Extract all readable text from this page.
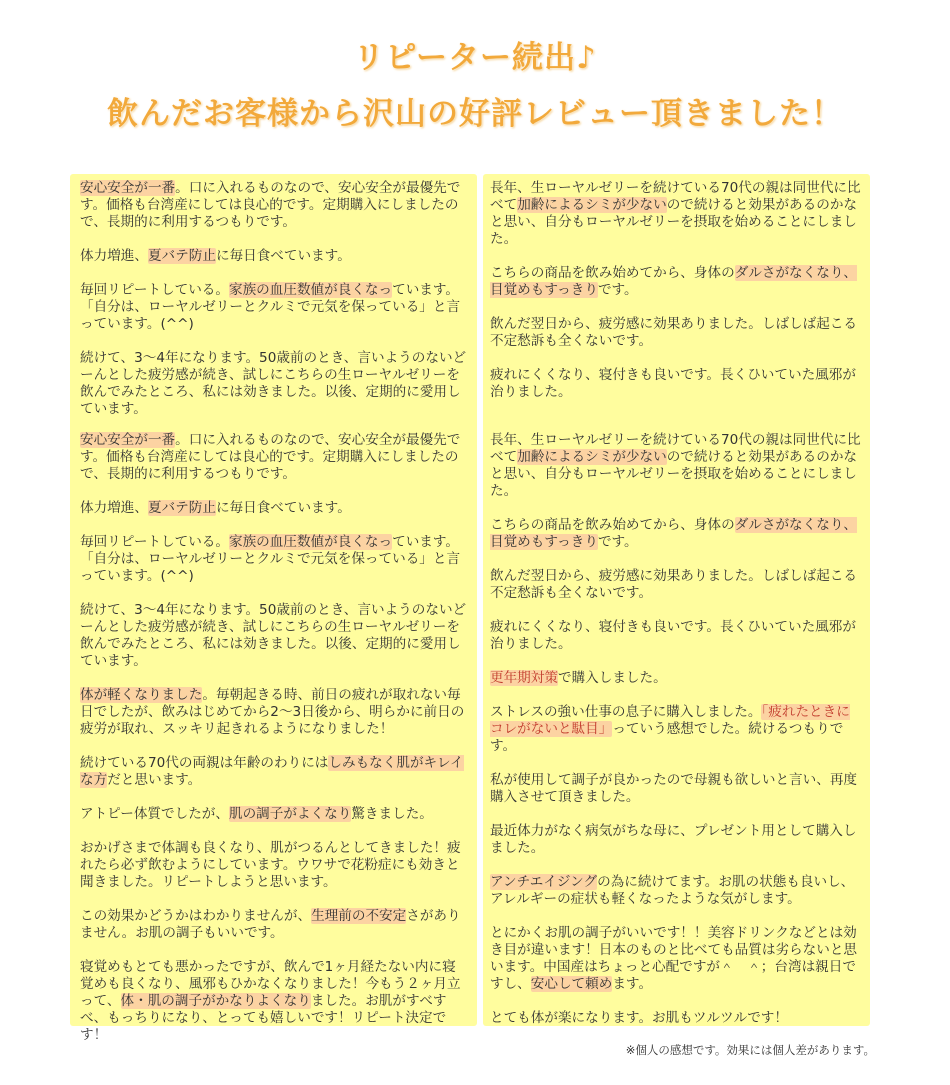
リピーター続出♪
飲んだお客様から沢山の好評レビュー頂きました！

安心安全が一番。口に入れるものなので、安心安全が最優先です。価格も台湾産にしては良心的です。定期購入にしましたので、長期的に利用するつもりです。

体力増進、夏バテ防止に毎日食べています。

毎回リピートしている。家族の血圧数値が良くなっています。「自分は、ローヤルゼリーとクルミで元気を保っている」と言っています。(^^)

続けて、3〜4年になります。50歳前のとき、言いようのないどーんとした疲労感が続き、試しにこちらの生ローヤルゼリーを飲んでみたところ、私には効きました。以後、定期的に愛用しています。

安心安全が一番。口に入れるものなので、安心安全が最優先です。価格も台湾産にしては良心的です。定期購入にしましたので、長期的に利用するつもりです。

体力増進、夏バテ防止に毎日食べています。

毎回リピートしている。家族の血圧数値が良くなっています。「自分は、ローヤルゼリーとクルミで元気を保っている」と言っています。(^^)

続けて、3〜4年になります。50歳前のとき、言いようのないどーんとした疲労感が続き、試しにこちらの生ローヤルゼリーを飲んでみたところ、私には効きました。以後、定期的に愛用しています。

体が軽くなりました。毎朝起きる時、前日の疲れが取れない毎日でしたが、飲みはじめてから2〜3日後から、明らかに前日の疲労が取れ、スッキリ起きれるようになりました！

続けている70代の両親は年齢のわりにはしみもなく肌がキレイな方だと思います。

アトピー体質でしたが、肌の調子がよくなり驚きました。

おかげさまで体調も良くなり、肌がつるんとしてきました！疲れたら必ず飲むようにしています。ウワサで花粉症にも効きと聞きました。リピートしようと思います。

この効果かどうかはわかりませんが、生理前の不安定さがありません。お肌の調子もいいです。

寝覚めもとても悪かったですが、飲んで1ヶ月経たない内に寝覚めも良くなり、風邪もひかなくなりました！今もう２ヶ月立って、体・肌の調子がかなりよくなりました。お肌がすべすべ、もっちりになり、とっても嬉しいです！リピート決定です！

長年、生ローヤルゼリーを続けている70代の親は同世代に比べて加齢によるシミが少ないので続けると効果があるのかなと思い、自分もローヤルゼリーを摂取を始めることにしました。

こちらの商品を飲み始めてから、身体のダルさがなくなり、目覚めもすっきりです。

飲んだ翌日から、疲労感に効果ありました。しばしば起こる不定愁訴も全くないです。

疲れにくくなり、寝付きも良いです。長くひいていた風邪が治りました。

長年、生ローヤルゼリーを続けている70代の親は同世代に比べて加齢によるシミが少ないので続けると効果があるのかなと思い、自分もローヤルゼリーを摂取を始めることにしました。

こちらの商品を飲み始めてから、身体のダルさがなくなり、目覚めもすっきりです。

飲んだ翌日から、疲労感に効果ありました。しばしば起こる不定愁訴も全くないです。

疲れにくくなり、寝付きも良いです。長くひいていた風邪が治りました。

更年期対策で購入しました。

ストレスの強い仕事の息子に購入しました。「疲れたときにコレがないと駄目」っていう感想でした。続けるつもりです。

私が使用して調子が良かったので母親も欲しいと言い、再度購入させて頂きました。

最近体力がなく病気がちな母に、プレゼント用として購入しました。

アンチエイジングの為に続けてます。お肌の状態も良いし、アレルギーの症状も軽くなったような気がします。

とにかくお肌の調子がいいです！！美容ドリンクなどとは効き目が違います！日本のものと比べても品質は劣らないと思います。中国産はちょっと心配ですが＾　＾；台湾は親日ですし、安心して頼めます。

とても体が楽になります。お肌もツルツルです！

※個人の感想です。効果には個人差があります。
